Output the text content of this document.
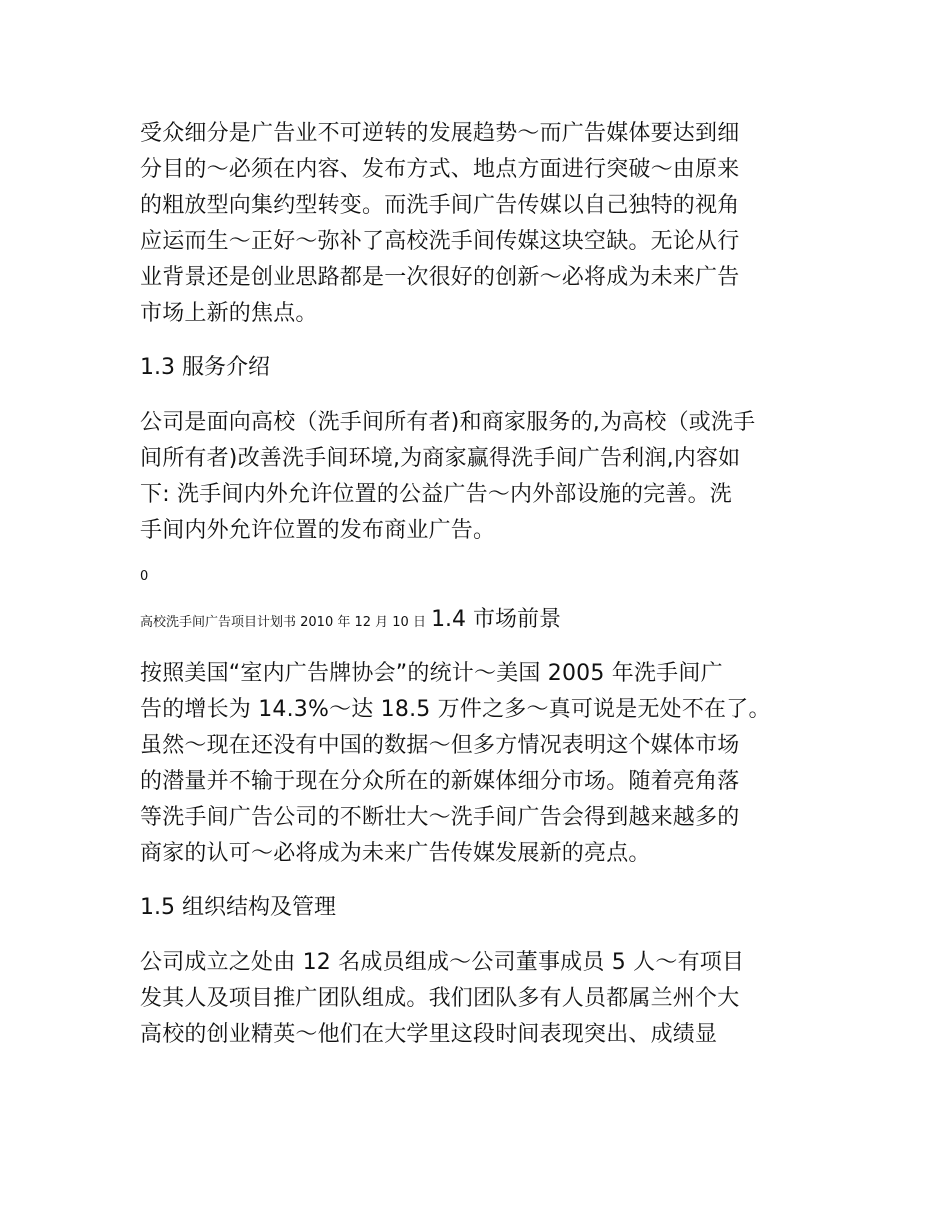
受众细分是广告业不可逆转的发展趋势～而广告媒体要达到细
分目的～必须在内容、发布方式、地点方面进行突破～由原来
的粗放型向集约型转变。而洗手间广告传媒以自己独特的视角
应运而生～正好～弥补了高校洗手间传媒这块空缺。无论从行
业背景还是创业思路都是一次很好的创新～必将成为未来广告
市场上新的焦点。
1.3 服务介绍
公司是面向高校（洗手间所有者)和商家服务的,为高校（或洗手
间所有者)改善洗手间环境,为商家赢得洗手间广告利润,内容如
下: 洗手间内外允许位置的公益广告～内外部设施的完善。洗
手间内外允许位置的发布商业广告。
0
高校洗手间广告项目计划书 2010 年 12 月 10 日 1.4 市场前景
按照美国“室内广告牌协会”的统计～美国 2005 年洗手间广
告的增长为 14.3%～达 18.5 万件之多～真可说是无处不在了。
虽然～现在还没有中国的数据～但多方情况表明这个媒体市场
的潜量并不输于现在分众所在的新媒体细分市场。随着亮角落
等洗手间广告公司的不断壮大～洗手间广告会得到越来越多的
商家的认可～必将成为未来广告传媒发展新的亮点。
1.5 组织结构及管理
公司成立之处由 12 名成员组成～公司董事成员 5 人～有项目
发其人及项目推广团队组成。我们团队多有人员都属兰州个大
高校的创业精英～他们在大学里这段时间表现突出、成绩显
